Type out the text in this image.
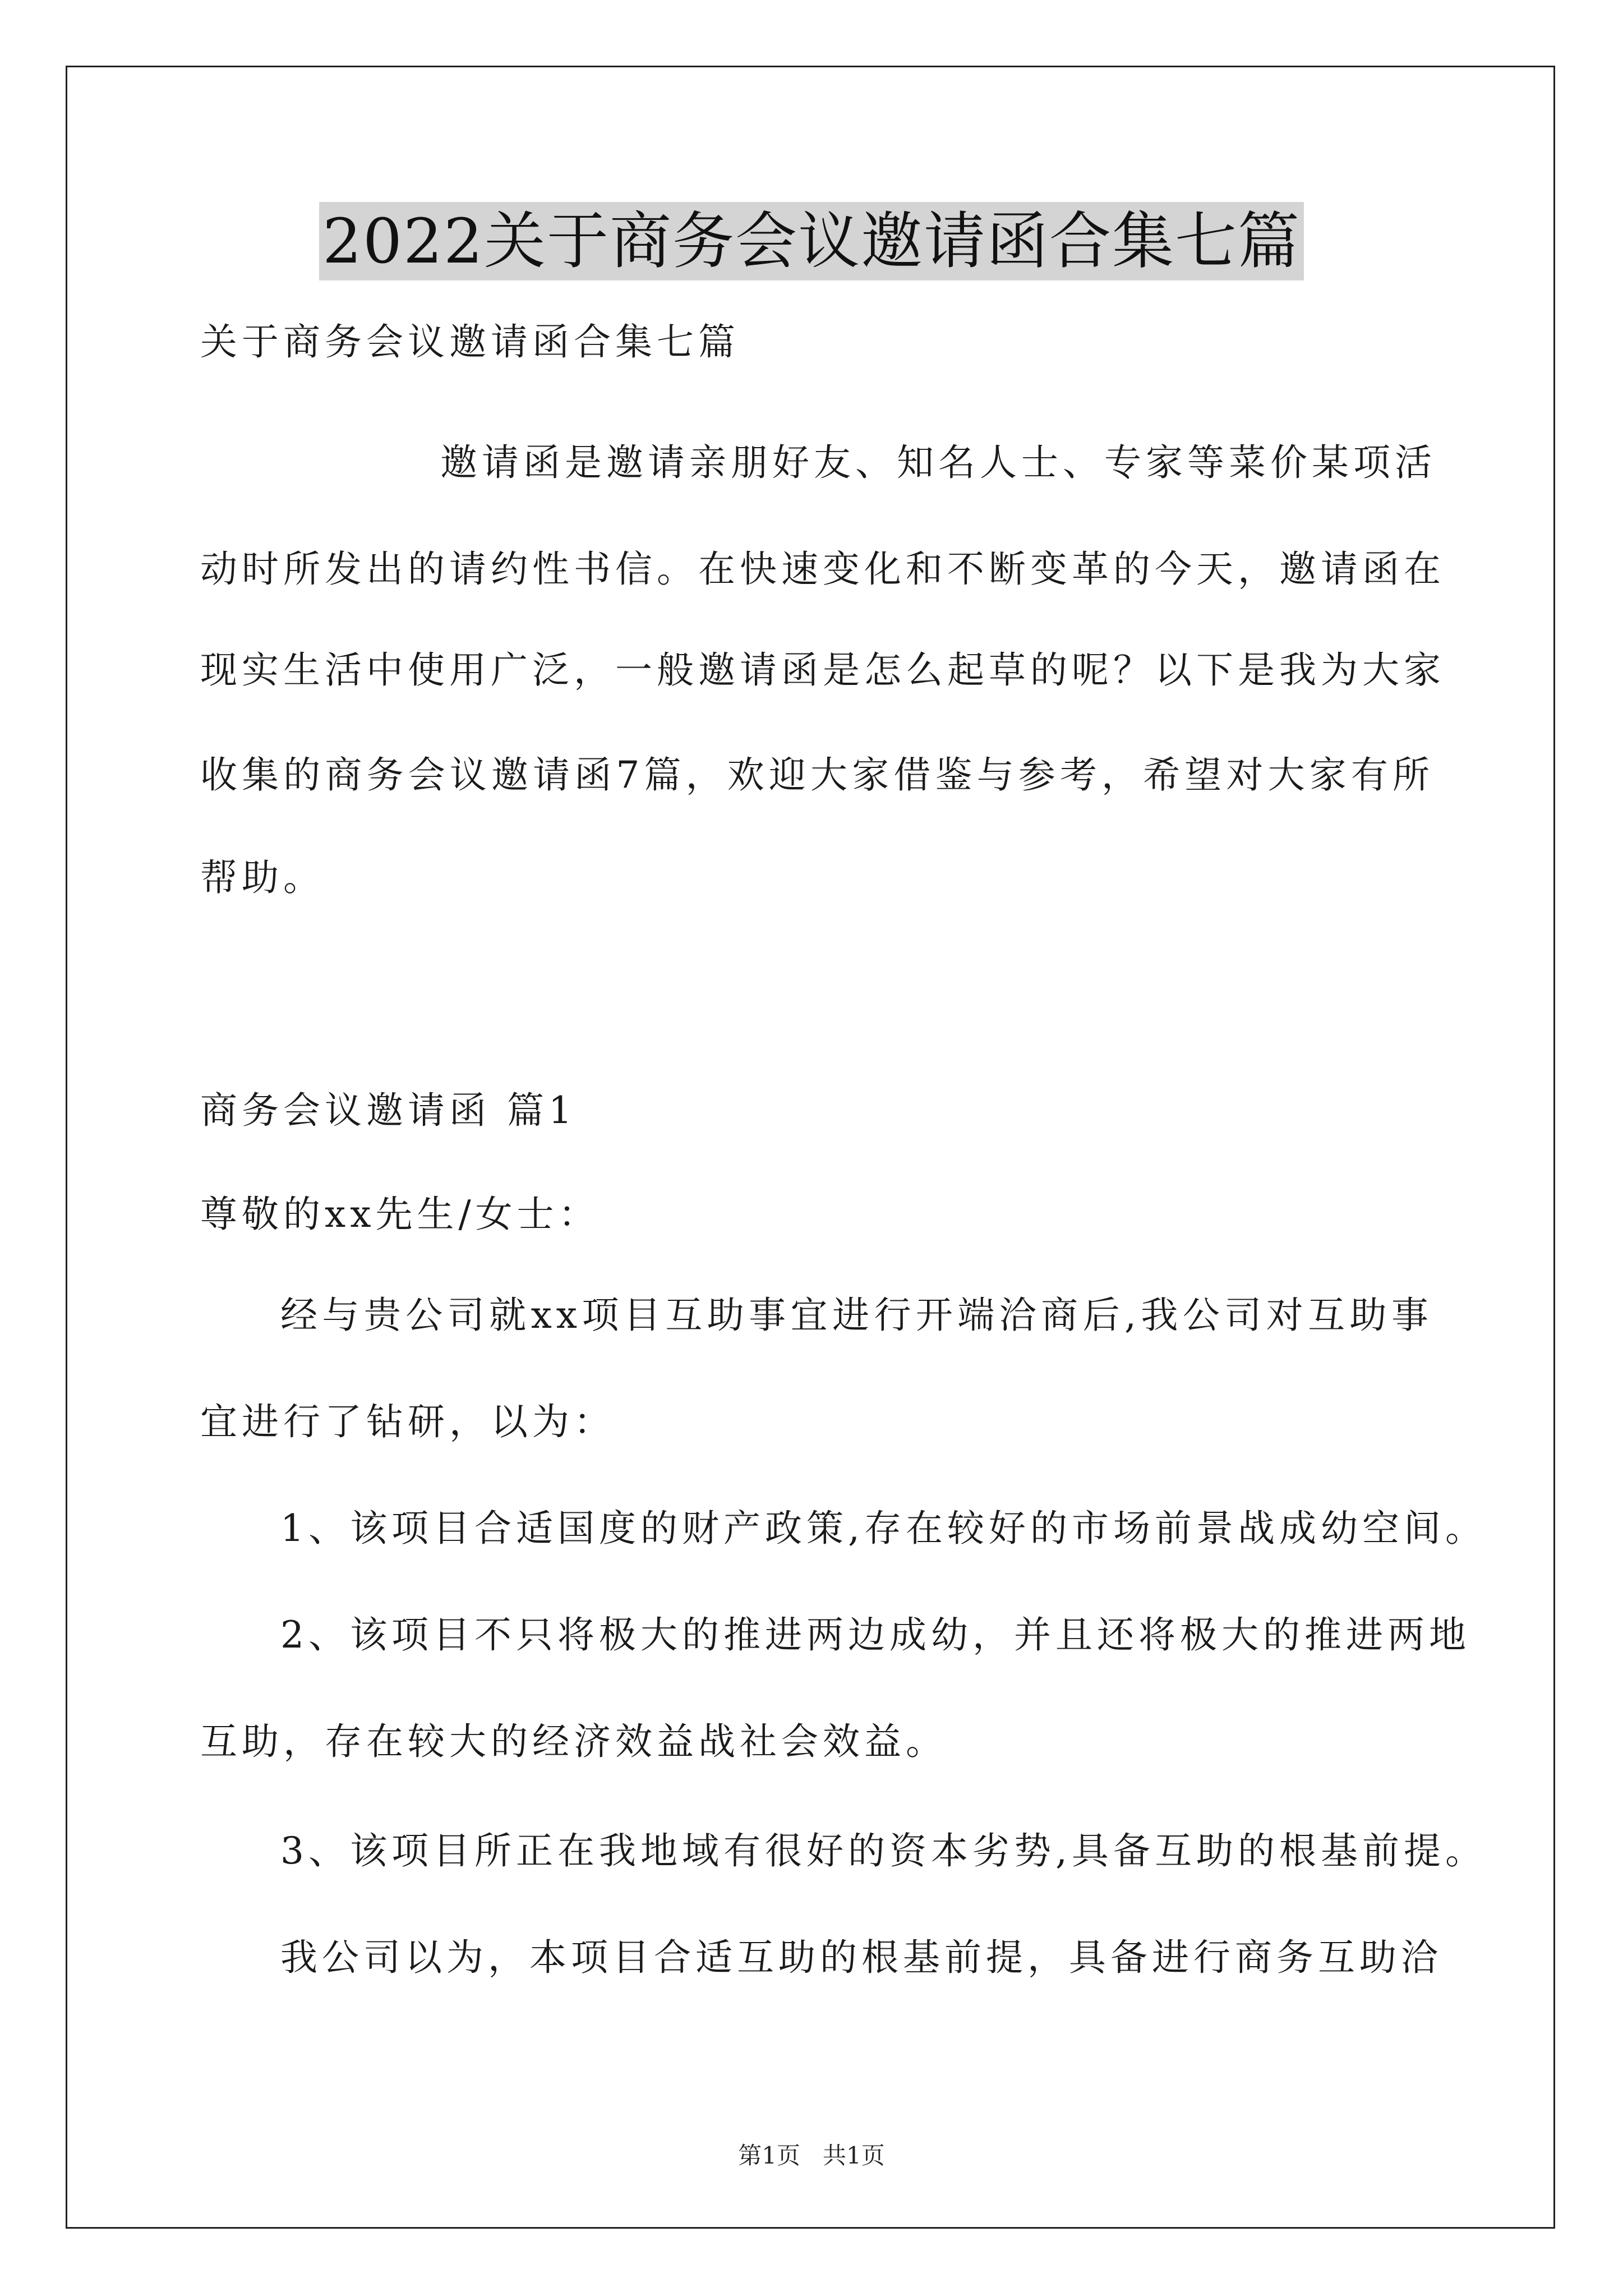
2022关于商务会议邀请函合集七篇
关于商务会议邀请函合集七篇
邀请函是邀请亲朋好友、知名人士、专家等菜价某项活
动时所发出的请约性书信。在快速变化和不断变革的今天，邀请函在
现实生活中使用广泛，一般邀请函是怎么起草的呢？以下是我为大家
收集的商务会议邀请函7篇，欢迎大家借鉴与参考，希望对大家有所
帮助。
商务会议邀请函 篇1
尊敬的xx先生/女士：
经与贵公司就xx项目互助事宜进行开端洽商后,我公司对互助事
宜进行了钻研，以为：
1、该项目合适国度的财产政策,存在较好的市场前景战成幼空间。
2、该项目不只将极大的推进两边成幼，并且还将极大的推进两地
互助，存在较大的经济效益战社会效益。
3、该项目所正在我地域有很好的资本劣势,具备互助的根基前提。
我公司以为，本项目合适互助的根基前提，具备进行商务互助洽
第1页   共1页
